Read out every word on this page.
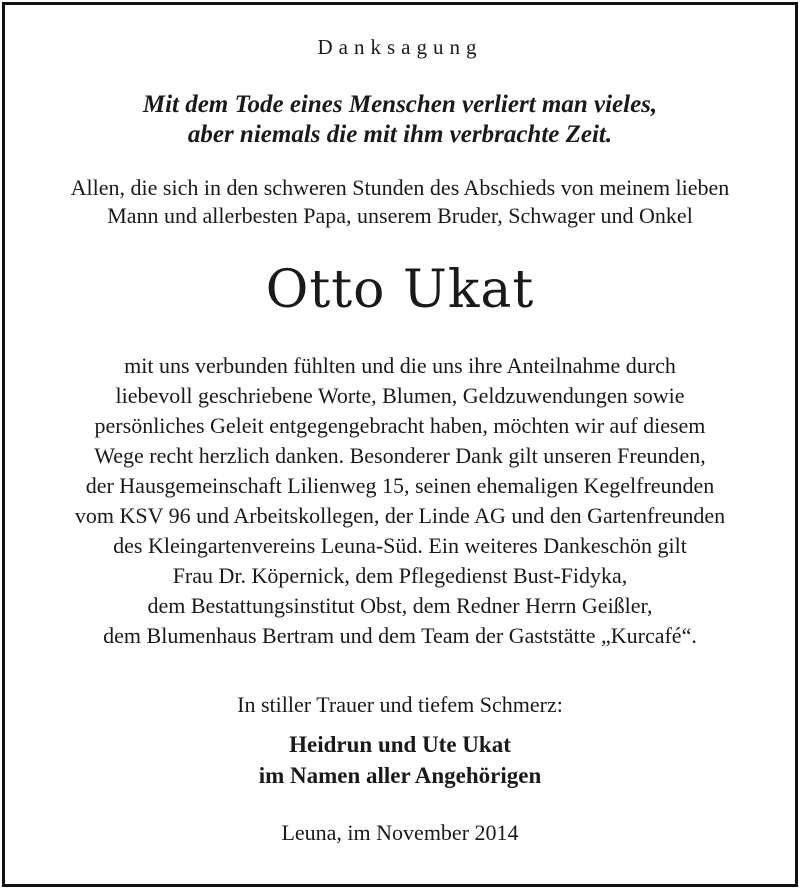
Danksagung
Mit dem Tode eines Menschen verliert man vieles,
aber niemals die mit ihm verbrachte Zeit.
Allen, die sich in den schweren Stunden des Abschieds von meinem lieben
Mann und allerbesten Papa, unserem Bruder, Schwager und Onkel
Otto Ukat
mit uns verbunden fühlten und die uns ihre Anteilnahme durch
liebevoll geschriebene Worte, Blumen, Geldzuwendungen sowie
persönliches Geleit entgegengebracht haben, möchten wir auf diesem
Wege recht herzlich danken. Besonderer Dank gilt unseren Freunden,
der Hausgemeinschaft Lilienweg 15, seinen ehemaligen Kegelfreunden
vom KSV 96 und Arbeitskollegen, der Linde AG und den Gartenfreunden
des Kleingartenvereins Leuna-Süd. Ein weiteres Dankeschön gilt
Frau Dr. Köpernick, dem Pflegedienst Bust-Fidyka,
dem Bestattungsinstitut Obst, dem Redner Herrn Geißler,
dem Blumenhaus Bertram und dem Team der Gaststätte „Kurcafé“.
In stiller Trauer und tiefem Schmerz:
Heidrun und Ute Ukat
im Namen aller Angehörigen
Leuna, im November 2014
